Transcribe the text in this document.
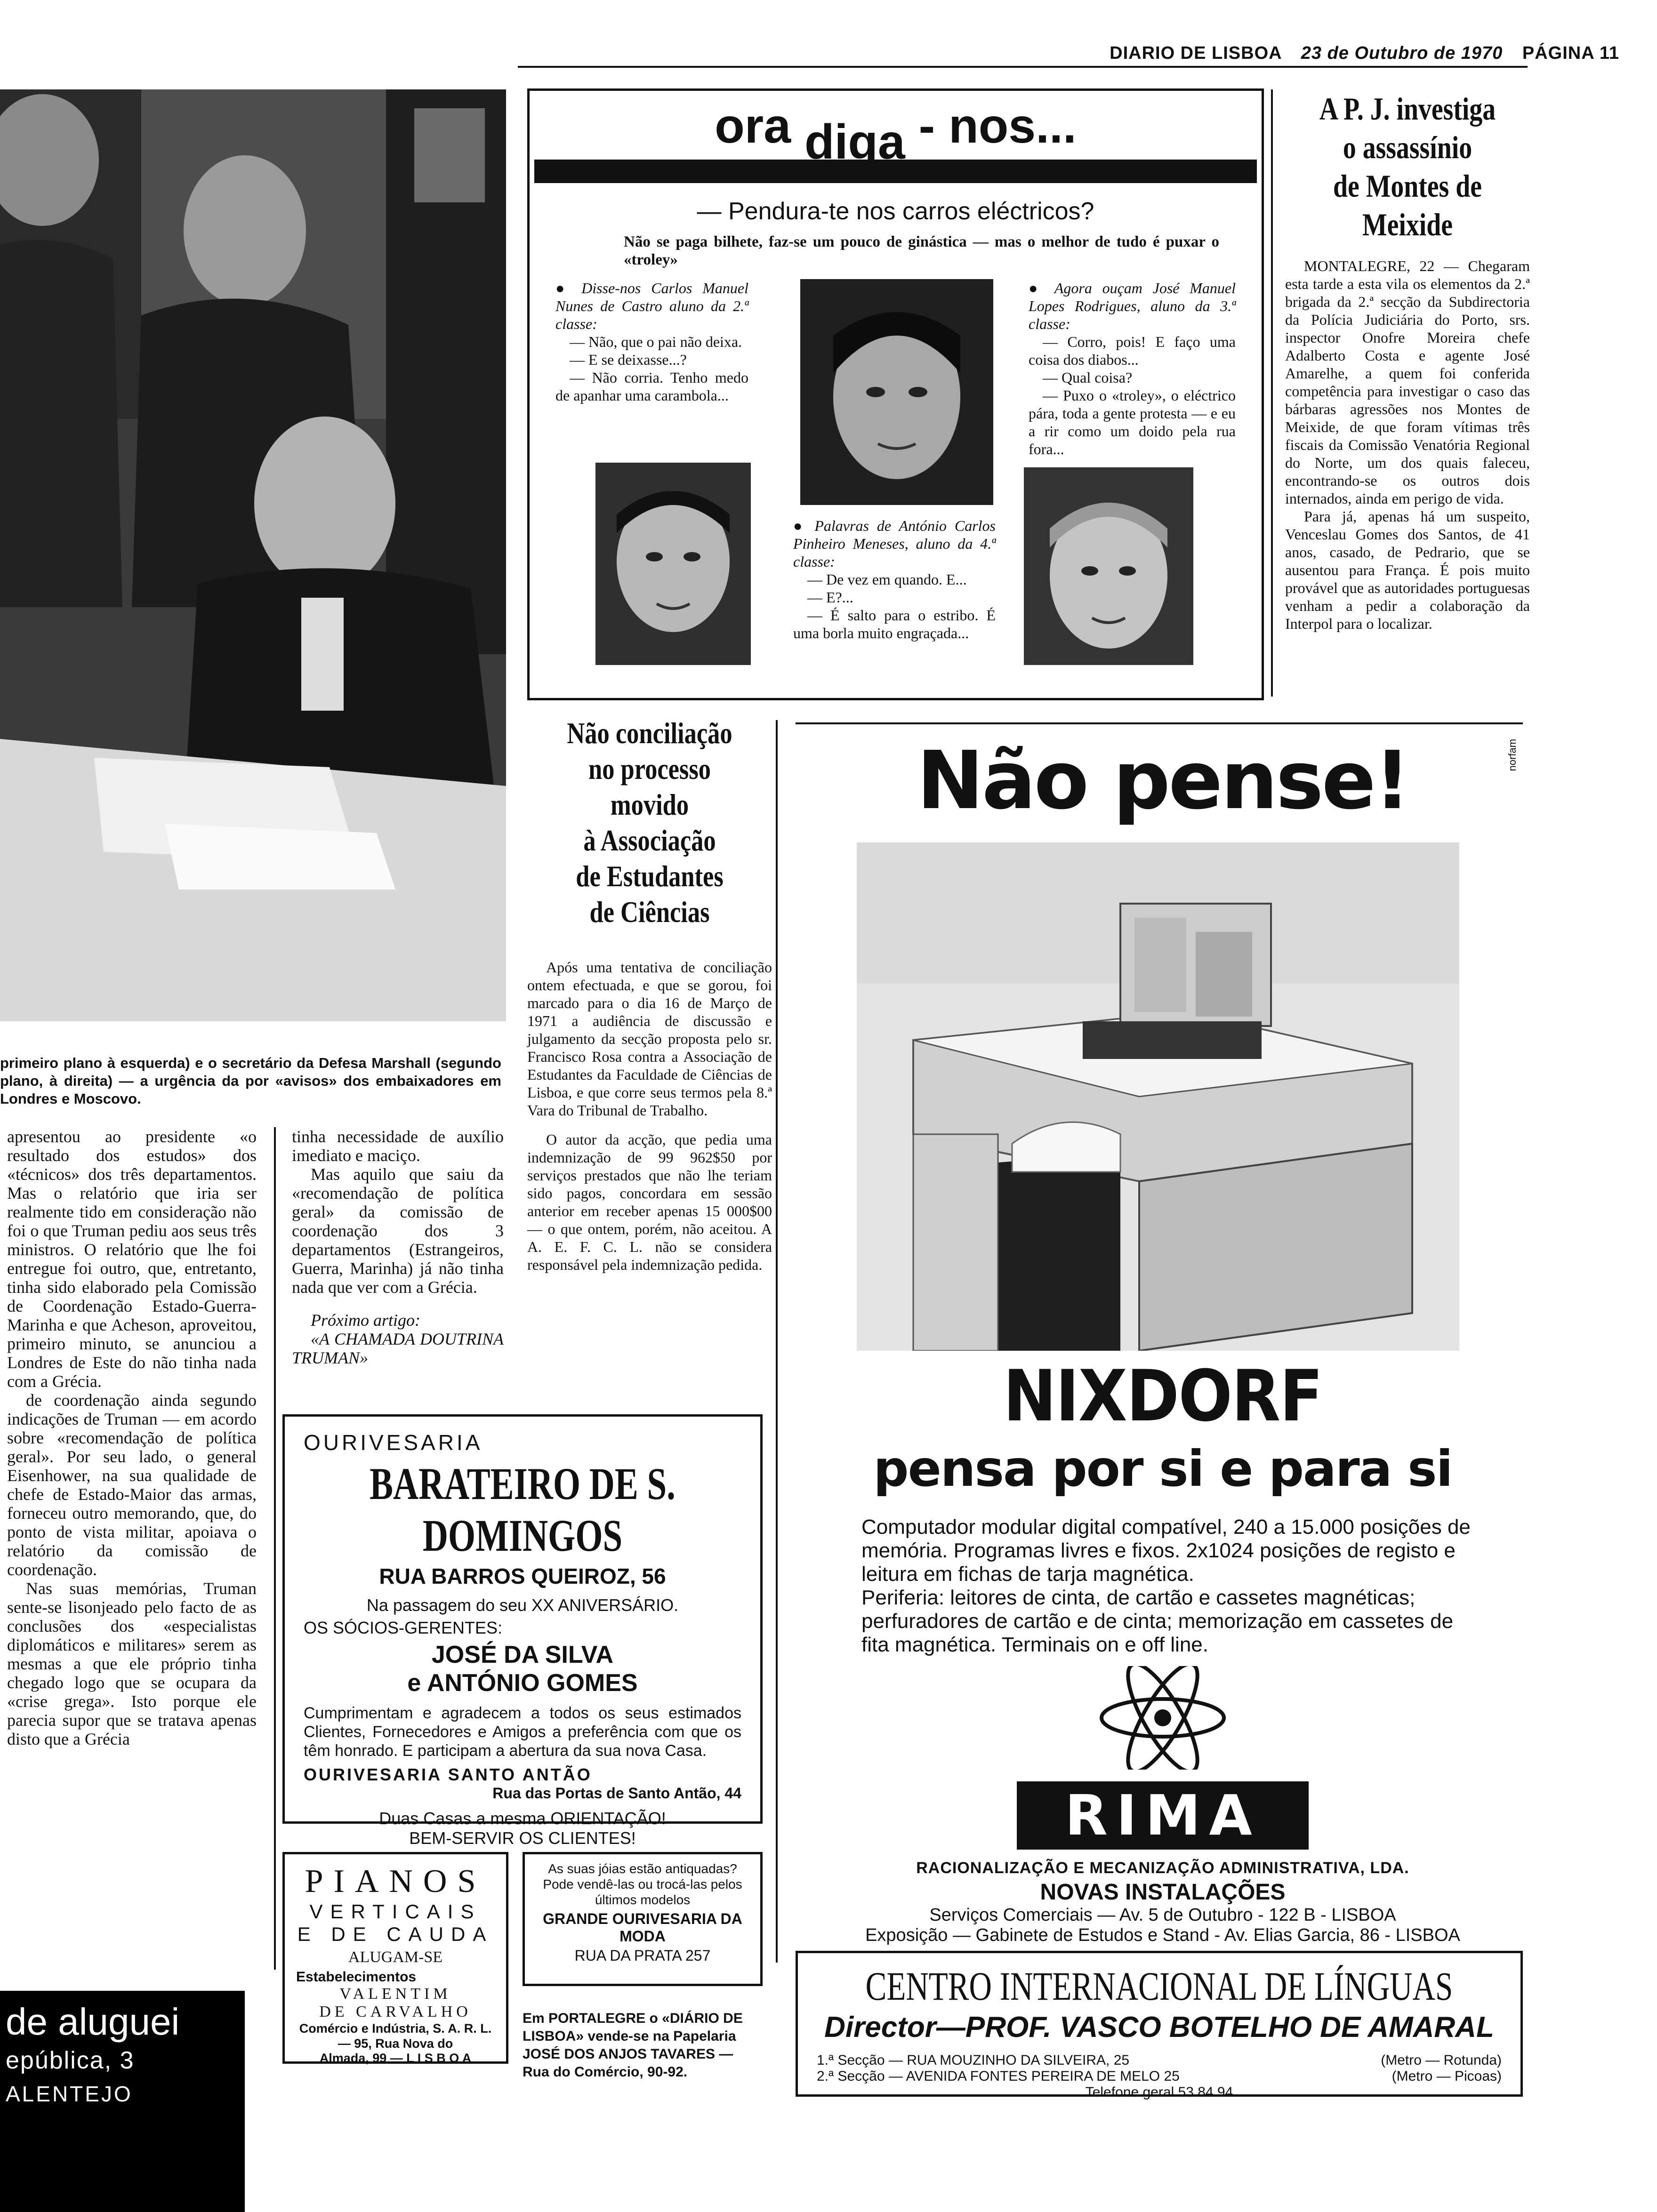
DIARIO DE LISBOA 23 de Outubro de 1970 PÁGINA 11
primeiro plano à esquerda) e o secretário da Defesa Marshall (segundo plano, à direita) — a urgência da por «avisos» dos embaixadores em Londres e Moscovo.

apresentou ao presidente «o resultado dos estudos» dos «técnicos» dos três departamentos. Mas o relatório que iria ser realmente tido em consideração não foi o que Truman pediu aos seus três ministros. O relatório que lhe foi entregue foi outro, que, entretanto, tinha sido elaborado pela Comissão de Coordenação Estado-Guerra-Marinha e que Acheson, aproveitou, primeiro minuto, se anunciou a Londres de Este do não tinha nada com a Grécia.

de coordenação ainda segundo indicações de Truman — em acordo sobre «recomendação de política geral». Por seu lado, o general Eisenhower, na sua qualidade de chefe de Estado-Maior das armas, forneceu outro memorando, que, do ponto de vista militar, apoiava o relatório da comissão de coordenação.

Nas suas memórias, Truman sente-se lisonjeado pelo facto de as conclusões dos «especialistas diplomáticos e militares» serem as mesmas a que ele próprio tinha chegado logo que se ocupara da «crise grega». Isto porque ele parecia supor que se tratava apenas disto que a Grécia

tinha necessidade de auxílio imediato e maciço.

Mas aquilo que saiu da «recomendação de política geral» da comissão de coordenação dos 3 departamentos (Estrangeiros, Guerra, Marinha) já não tinha nada que ver com a Grécia.

Próximo artigo:

«A CHAMADA DOUTRINA TRUMAN»

de aluguei
epública, 3
ALENTEJO
ora diga - nos...
— Pendura-te nos carros eléctricos?
Não se paga bilhete, faz-se um pouco de ginástica — mas o melhor de tudo é puxar o «troley»
● Disse-nos Carlos Manuel Nunes de Castro aluno da 2.ª classe:
— Não, que o pai não deixa.
— E se deixasse...?
— Não corria. Tenho medo de apanhar uma carambola...
● Palavras de António Carlos Pinheiro Meneses, aluno da 4.ª classe:
— De vez em quando. E...
— E?...
— É salto para o estribo. É uma borla muito engraçada...
● Agora ouçam José Manuel Lopes Rodrigues, aluno da 3.ª classe:
— Corro, pois! E faço uma coisa dos diabos...
— Qual coisa?
— Puxo o «troley», o eléctrico pára, toda a gente protesta — e eu a rir como um doido pela rua fora...
A P. J. investiga
o assassínio
de Montes de Meixide

MONTALEGRE, 22 — Chegaram esta tarde a esta vila os elementos da 2.ª brigada da 2.ª secção da Subdirectoria da Polícia Judiciária do Porto, srs. inspector Onofre Moreira chefe Adalberto Costa e agente José Amarelhe, a quem foi conferida competência para investigar o caso das bárbaras agressões nos Montes de Meixide, de que foram vítimas três fiscais da Comissão Venatória Regional do Norte, um dos quais faleceu, encontrando-se os outros dois internados, ainda em perigo de vida.

Para já, apenas há um suspeito, Venceslau Gomes dos Santos, de 41 anos, casado, de Pedrario, que se ausentou para França. É pois muito provável que as autoridades portuguesas venham a pedir a colaboração da Interpol para o localizar.

Não conciliação
no processo movido
à Associação
de Estudantes
de Ciências

Após uma tentativa de conciliação ontem efectuada, e que se gorou, foi marcado para o dia 16 de Março de 1971 a audiência de discussão e julgamento da secção proposta pelo sr. Francisco Rosa contra a Associação de Estudantes da Faculdade de Ciências de Lisboa, e que corre seus termos pela 8.ª Vara do Tribunal de Trabalho.

O autor da acção, que pedia uma indemnização de 99 962$50 por serviços prestados que não lhe teriam sido pagos, concordara em sessão anterior em receber apenas 15 000$00 — o que ontem, porém, não aceitou. A A. E. F. C. L. não se considera responsável pela indemnização pedida.

OURIVESARIA
BARATEIRO DE S. DOMINGOS
RUA BARROS QUEIROZ, 56
Na passagem do seu XX ANIVERSÁRIO.
OS SÓCIOS-GERENTES:
JOSÉ DA SILVA
e ANTÓNIO GOMES
Cumprimentam e agradecem a todos os seus estimados Clientes, Fornecedores e Amigos a preferência com que os têm honrado. E participam a abertura da sua nova Casa.
OURIVESARIA SANTO ANTÃO
Rua das Portas de Santo Antão, 44
Duas Casas a mesma ORIENTAÇÃO!
BEM-SERVIR OS CLIENTES!
PIANOS
VERTICAIS
E DE CAUDA
ALUGAM-SE
Estabelecimentos
VALENTIM
DE CARVALHO
Comércio e Indústria, S. A. R. L. — 95, Rua Nova do
Almada, 99 — L I S B O A
As suas jóias estão antiquadas? Pode vendê-las ou trocá-las pelos últimos modelos
GRANDE OURIVESARIA DA MODA
RUA DA PRATA 257
Em PORTALEGRE o «DIÁRIO DE LISBOA» vende-se na Papelaria JOSÉ DOS ANJOS TAVARES — Rua do Comércio, 90-92.
Não pense!
NIXDORF
pensa por si e para si
Computador modular digital compatível, 240 a 15.000 posições de memória. Programas livres e fixos. 2x1024 posições de registo e leitura em fichas de tarja magnética.
Periferia: leitores de cinta, de cartão e cassetes magnéticas; perfuradores de cartão e de cinta; memorização em cassetes de fita magnética. Terminais on e off line.
RIMA
norfam
RACIONALIZAÇÃO E MECANIZAÇÃO ADMINISTRATIVA, LDA.
NOVAS INSTALAÇÕES
Serviços Comerciais — Av. 5 de Outubro - 122 B - LISBOA
Exposição — Gabinete de Estudos e Stand - Av. Elias Garcia, 86 - LISBOA
CENTRO INTERNACIONAL DE LÍNGUAS
Director—PROF. VASCO BOTELHO DE AMARAL
1.ª Secção — RUA MOUZINHO DA SILVEIRA, 25	(Metro — Rotunda)
2.ª Secção — AVENIDA FONTES PEREIRA DE MELO 25	(Metro — Picoas)
Telefone geral 53 84 94
